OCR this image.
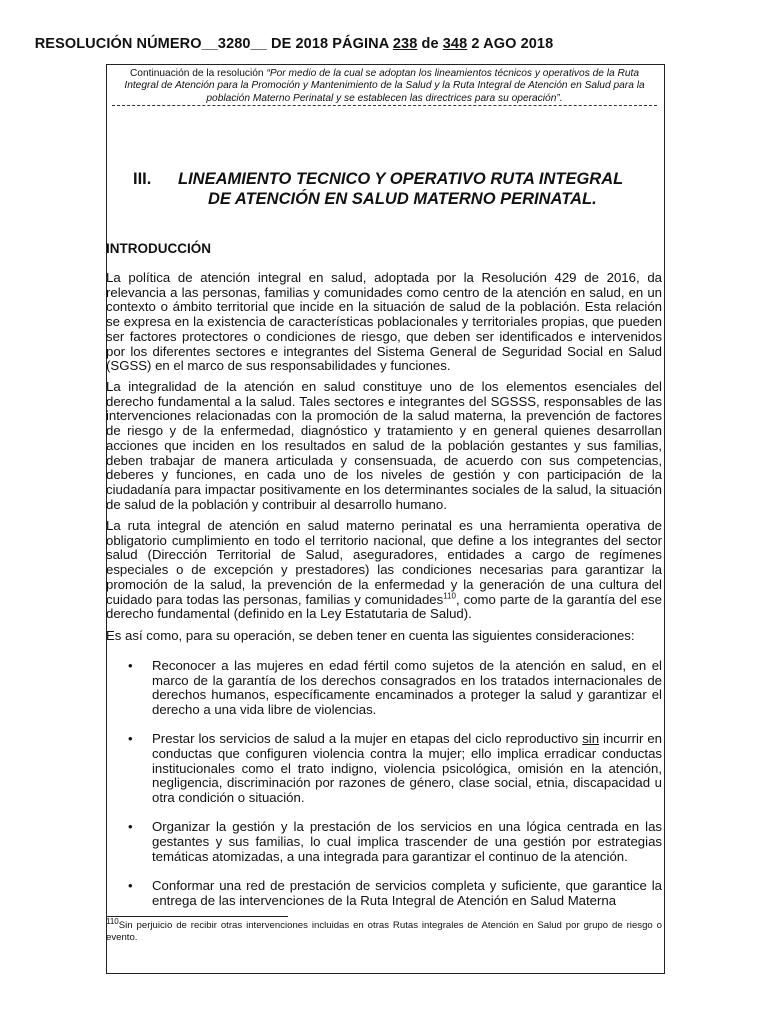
RESOLUCIÓN NÚMERO__3280__ DE 2018 PÁGINA 238 de 348 2 AGO 2018
Continuación de la resolución “Por medio de la cual se adoptan los lineamientos técnicos y operativos de la Ruta Integral de Atención para la Promoción y Mantenimiento de la Salud y la Ruta Integral de Atención en Salud para la población Materno Perinatal y se establecen las directrices para su operación”.
III. LINEAMIENTO TECNICO Y OPERATIVO RUTA INTEGRAL
DE ATENCIÓN EN SALUD MATERNO PERINATAL.
INTRODUCCIÓN

La política de atención integral en salud, adoptada por la Resolución 429 de 2016, da relevancia a las personas, familias y comunidades como centro de la atención en salud, en un contexto o ámbito territorial que incide en la situación de salud de la población. Esta relación se expresa en la existencia de características poblacionales y territoriales propias, que pueden ser factores protectores o condiciones de riesgo, que deben ser identificados e intervenidos por los diferentes sectores e integrantes del Sistema General de Seguridad Social en Salud (SGSS) en el marco de sus responsabilidades y funciones.

La integralidad de la atención en salud constituye uno de los elementos esenciales del derecho fundamental a la salud. Tales sectores e integrantes del SGSSS, responsables de las intervenciones relacionadas con la promoción de la salud materna, la prevención de factores de riesgo y de la enfermedad, diagnóstico y tratamiento y en general quienes desarrollan acciones que inciden en los resultados en salud de la población gestantes y sus familias, deben trabajar de manera articulada y consensuada, de acuerdo con sus competencias, deberes y funciones, en cada uno de los niveles de gestión y con participación de la ciudadanía para impactar positivamente en los determinantes sociales de la salud, la situación de salud de la población y contribuir al desarrollo humano.

La ruta integral de atención en salud materno perinatal es una herramienta operativa de obligatorio cumplimiento en todo el territorio nacional, que define a los integrantes del sector salud (Dirección Territorial de Salud, aseguradores, entidades a cargo de regímenes especiales o de excepción y prestadores) las condiciones necesarias para garantizar la promoción de la salud, la prevención de la enfermedad y la generación de una cultura del cuidado para todas las personas, familias y comunidades$^{110}$, como parte de la garantía del ese derecho fundamental (definido en la Ley Estatutaria de Salud).

Es así como, para su operación, se deben tener en cuenta las siguientes consideraciones:

• Reconocer a las mujeres en edad fértil como sujetos de la atención en salud, en el marco de la garantía de los derechos consagrados en los tratados internacionales de derechos humanos, específicamente encaminados a proteger la salud y garantizar el derecho a una vida libre de violencias.
• Prestar los servicios de salud a la mujer en etapas del ciclo reproductivo sin incurrir en conductas que configuren violencia contra la mujer; ello implica erradicar conductas institucionales como el trato indigno, violencia psicológica, omisión en la atención, negligencia, discriminación por razones de género, clase social, etnia, discapacidad u otra condición o situación.
• Organizar la gestión y la prestación de los servicios en una lógica centrada en las gestantes y sus familias, lo cual implica trascender de una gestión por estrategias temáticas atomizadas, a una integrada para garantizar el continuo de la atención.
• Conformar una red de prestación de servicios completa y suficiente, que garantice la entrega de las intervenciones de la Ruta Integral de Atención en Salud Materna
$^{110}$Sin perjuicio de recibir otras intervenciones incluidas en otras Rutas integrales de Atención en Salud por grupo de riesgo o evento.
